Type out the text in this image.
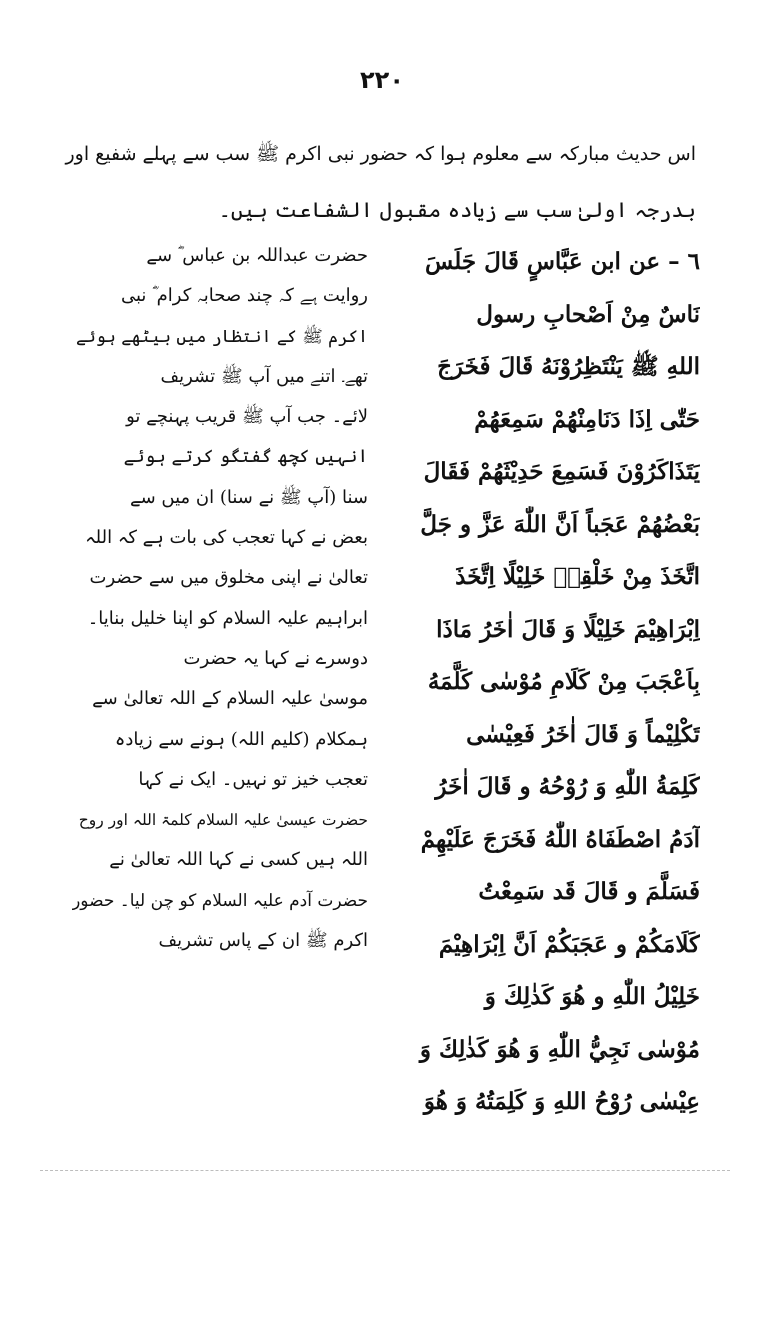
۲۲۰
اس حدیث مبارکہ سے معلوم ہوا کہ حضور نبی اکرم ﷺ سب سے پہلے شفیع اور
بدرجہ اولیٰ سب سے زیادہ مقبول الشفاعت ہیں۔
٦ – عن ابن عَبَّاسٍ قَالَ جَلَسَ
نَاسٌ مِنْ اَصْحابِ رسول
اللهِ ﷺ يَنْتَظِرُوْنَهُ قَالَ فَخَرَجَ
حَتّٰى اِذَا دَنَامِنْهُمْ سَمِعَهُمْ
يَتَذَاكَرُوْنَ فَسَمِعَ حَدِيْثَهُمْ فَقَالَ
بَعْضُهُمْ عَجَباً اَنَّ اللّٰهَ عَزَّ و جَلَّ
اتَّخَذَ مِنْ خَلْقِهٖ خَلِيْلًا اِتَّخَذَ
اِبْرَاهِيْمَ خَلِيْلًا وَ قَالَ اٰخَرُ مَاذَا
بِاَعْجَبَ مِنْ كَلَامِ مُوْسٰى كَلَّمَهُ
تَكْلِيْماً وَ قَالَ اٰخَرُ فَعِيْسٰى
كَلِمَةُ اللّٰهِ وَ رُوْحُهُ و قَالَ اٰخَرُ
آدَمُ اصْطَفَاهُ اللّٰهُ فَخَرَجَ عَلَيْهِمْ
فَسَلَّمَ و قَالَ قَد سَمِعْتُ
كَلَامَكُمْ و عَجَبَكُمْ اَنَّ اِبْرَاهِيْمَ
خَلِيْلُ اللّٰهِ و هُوَ كَذٰلِكَ وَ
مُوْسٰى نَجِيُّ اللّٰهِ وَ هُوَ كَذٰلِكَ وَ
عِيْسٰى رُوْحُ اللهِ وَ كَلِمَتُهُ وَ هُوَ
حضرت عبداللہ بن عباس ؓ سے
روایت ہے کہ چند صحابہ کرام ؓ نبی
اکرم ﷺ کے انتظار میں بیٹھے ہوئے
تھے۔ اتنے میں آپ ﷺ تشریف
لائے۔ جب آپ ﷺ قریب پہنچے تو
انہیں کچھ گفتگو کرتے ہوئے
سنا (آپ ﷺ نے سنا) ان میں سے
بعض نے کہا تعجب کی بات ہے کہ اللہ
تعالیٰ نے اپنی مخلوق میں سے حضرت
ابراہیم علیہ السلام کو اپنا خلیل بنایا۔
دوسرے نے کہا یہ حضرت
موسیٰ علیہ السلام کے اللہ تعالیٰ سے
ہمکلام (کلیم اللہ) ہونے سے زیادہ
تعجب خیز تو نہیں۔ ایک نے کہا
حضرت عیسیٰ علیہ السلام کلمۃ اللہ اور روح
اللہ ہیں کسی نے کہا اللہ تعالیٰ نے
حضرت آدم علیہ السلام کو چن لیا۔ حضور
اکرم ﷺ ان کے پاس تشریف
